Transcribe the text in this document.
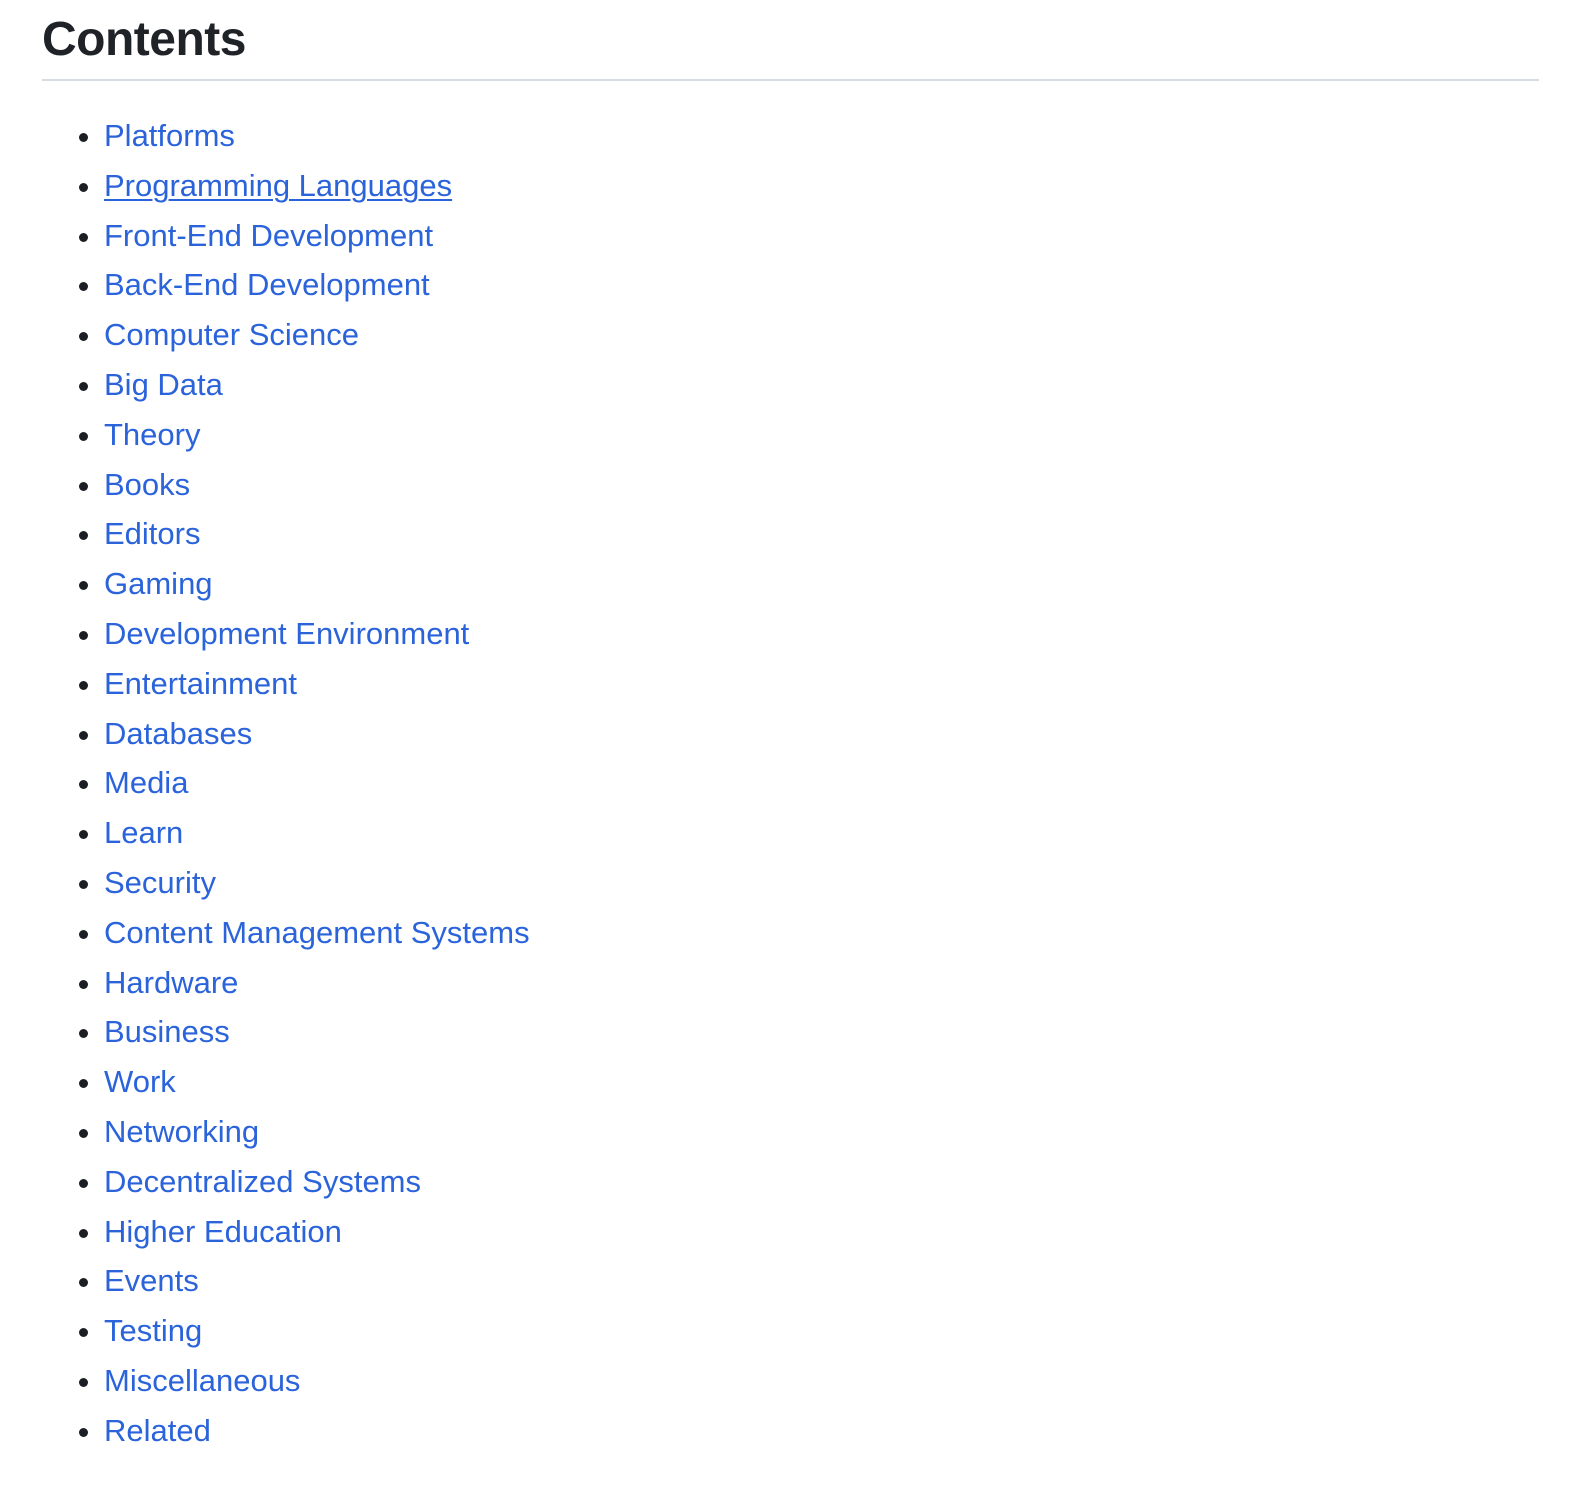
Contents
• Platforms
• Programming Languages
• Front-End Development
• Back-End Development
• Computer Science
• Big Data
• Theory
• Books
• Editors
• Gaming
• Development Environment
• Entertainment
• Databases
• Media
• Learn
• Security
• Content Management Systems
• Hardware
• Business
• Work
• Networking
• Decentralized Systems
• Higher Education
• Events
• Testing
• Miscellaneous
• Related
